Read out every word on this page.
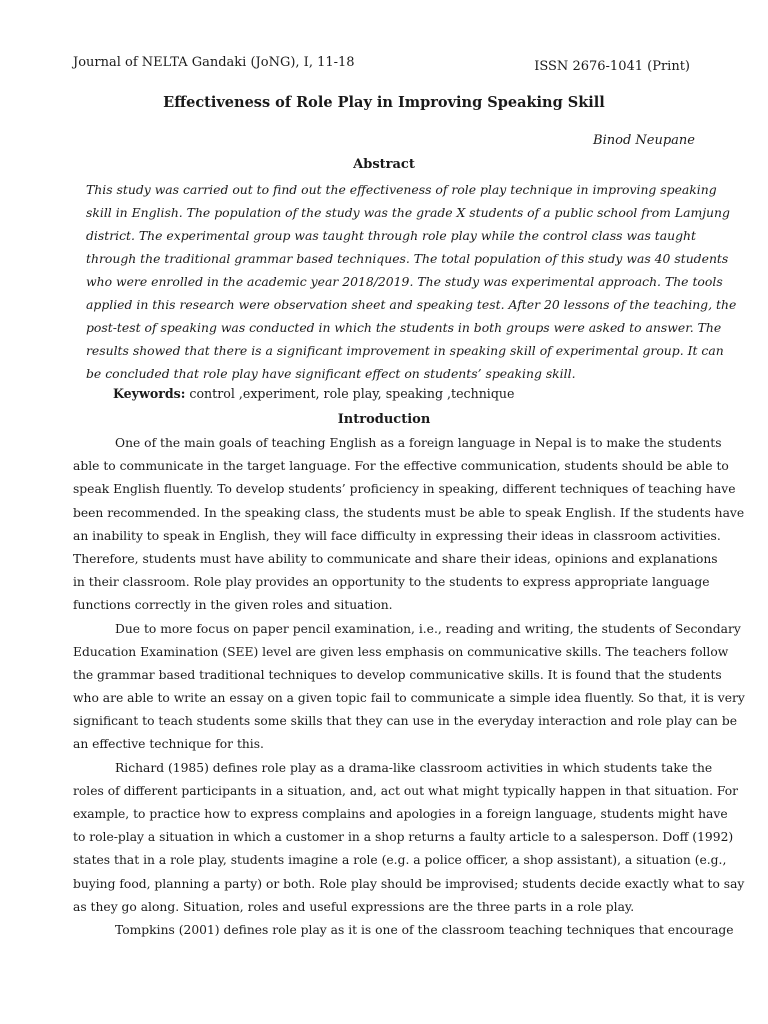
Journal of NELTA Gandaki (JoNG), I, 11-18	ISSN 2676-1041 (Print)
Effectiveness of Role Play in Improving Speaking Skill
Binod Neupane
Abstract
This study was carried out to find out the effectiveness of role play technique in improving speaking
skill in English. The population of the study was the grade X students of a public school from Lamjung
district. The experimental group was taught through role play while the control class was taught
through the traditional grammar based techniques. The total population of this study was 40 students
who were enrolled in the academic year 2018/2019. The study was experimental approach. The tools
applied in this research were observation sheet and speaking test. After 20 lessons of the teaching, the
post-test of speaking was conducted in which the students in both groups were asked to answer. The
results showed that there is a significant improvement in speaking skill of experimental group. It can
be concluded that role play have significant effect on students’ speaking skill.
Keywords: control ,experiment, role play, speaking ,technique
Introduction
One of the main goals of teaching English as a foreign language in Nepal is to make the students
able to communicate in the target language. For the effective communication, students should be able to
speak English fluently. To develop students’ proficiency in speaking, different techniques of teaching have
been recommended. In the speaking class, the students must be able to speak English. If the students have
an inability to speak in English, they will face difficulty in expressing their ideas in classroom activities.
Therefore, students must have ability to communicate and share their ideas, opinions and explanations
in their classroom. Role play provides an opportunity to the students to express appropriate language
functions correctly in the given roles and situation.
Due to more focus on paper pencil examination, i.e., reading and writing, the students of Secondary
Education Examination (SEE) level are given less emphasis on communicative skills. The teachers follow
the grammar based traditional techniques to develop communicative skills. It is found that the students
who are able to write an essay on a given topic fail to communicate a simple idea fluently. So that, it is very
significant to teach students some skills that they can use in the everyday interaction and role play can be
an effective technique for this.
Richard (1985) defines role play as a drama-like classroom activities in which students take the
roles of different participants in a situation, and, act out what might typically happen in that situation. For
example, to practice how to express complains and apologies in a foreign language, students might have
to role-play a situation in which a customer in a shop returns a faulty article to a salesperson. Doff (1992)
states that in a role play, students imagine a role (e.g. a police officer, a shop assistant), a situation (e.g.,
buying food, planning a party) or both. Role play should be improvised; students decide exactly what to say
as they go along. Situation, roles and useful expressions are the three parts in a role play.
Tompkins (2001) defines role play as it is one of the classroom teaching techniques that encourage
